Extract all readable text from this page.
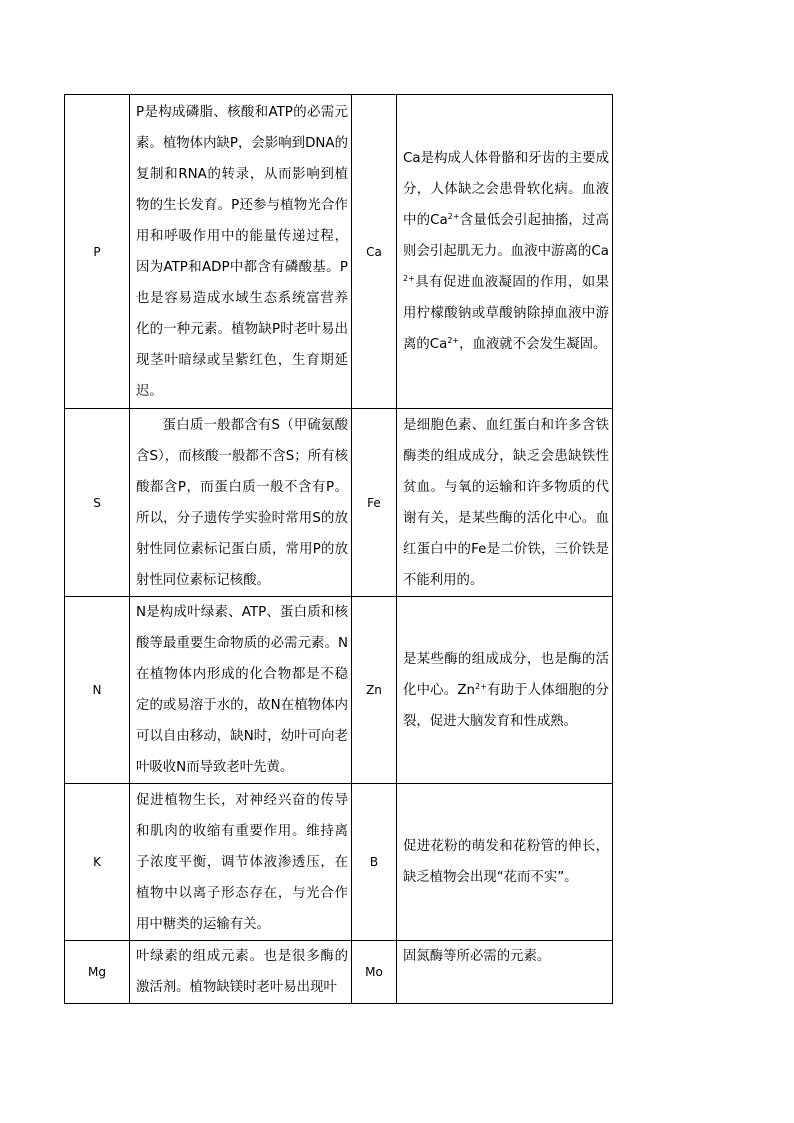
P	P是构成磷脂、核酸和ATP的必需元素。植物体内缺P，会影响到DNA的复制和RNA的转录，从而影响到植物的生长发育。P还参与植物光合作用和呼吸作用中的能量传递过程，因为ATP和ADP中都含有磷酸基。P也是容易造成水域生态系统富营养化的一种元素。植物缺P时老叶易出现茎叶暗绿或呈紫红色，生育期延迟。	Ca	Ca是构成人体骨骼和牙齿的主要成分，人体缺之会患骨软化病。血液中的$Ca^{2+}$含量低会引起抽搐，过高则会引起肌无力。血液中游离的$Ca^{2+}$具有促进血液凝固的作用，如果用柠檬酸钠或草酸钠除掉血液中游离的$Ca^{2+}$，血液就不会发生凝固。

S	蛋白质一般都含有S（甲硫氨酸含S），而核酸一般都不含S；所有核酸都含P，而蛋白质一般不含有P。所以，分子遗传学实验时常用S的放射性同位素标记蛋白质，常用P的放射性同位素标记核酸。	Fe	是细胞色素、血红蛋白和许多含铁酶类的组成成分，缺乏会患缺铁性贫血。与氧的运输和许多物质的代谢有关，是某些酶的活化中心。血红蛋白中的Fe是二价铁，三价铁是不能利用的。

N	N是构成叶绿素、ATP、蛋白质和核酸等最重要生命物质的必需元素。N在植物体内形成的化合物都是不稳定的或易溶于水的，故N在植物体内可以自由移动，缺N时，幼叶可向老叶吸收N而导致老叶先黄。	Zn	是某些酶的组成成分，也是酶的活化中心。$Zn^{2+}$有助于人体细胞的分裂，促进大脑发育和性成熟。

K	促进植物生长，对神经兴奋的传导和肌肉的收缩有重要作用。维持离子浓度平衡，调节体液渗透压，在植物中以离子形态存在，与光合作用中糖类的运输有关。	B	促进花粉的萌发和花粉管的伸长，缺乏植物会出现“花而不实”。

Mg	叶绿素的组成元素。也是很多酶的激活剂。植物缺镁时老叶易出现叶	Mo	固氮酶等所必需的元素。
